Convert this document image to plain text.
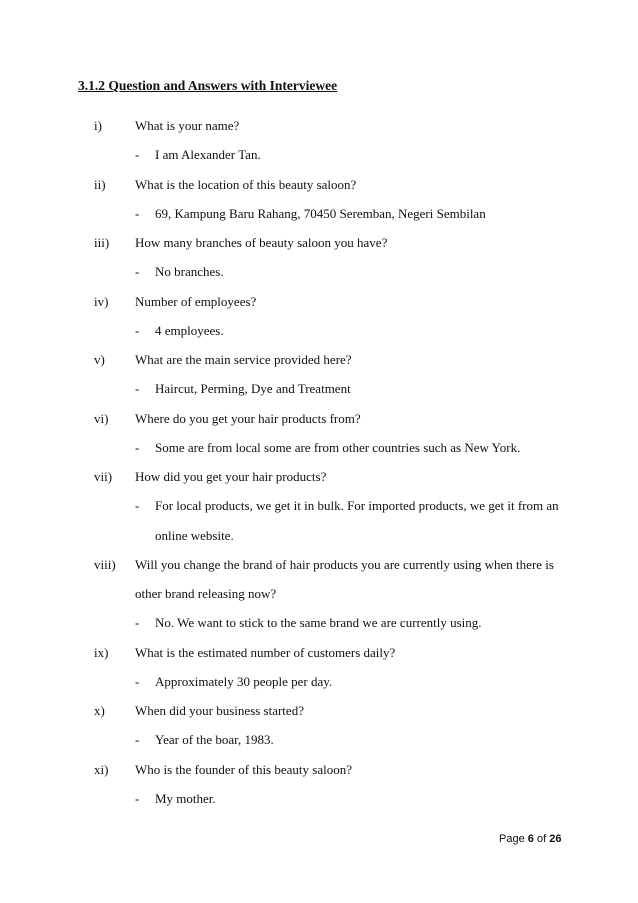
3.1.2 Question and Answers with Interviewee
i)	What is your name?
- I am Alexander Tan.
ii) What is the location of this beauty saloon?
- 69, Kampung Baru Rahang, 70450 Seremban, Negeri Sembilan
iii) How many branches of beauty saloon you have?
- No branches.
iv) Number of employees?
- 4 employees.
v) What are the main service provided here?
- Haircut, Perming, Dye and Treatment
vi) Where do you get your hair products from?
- Some are from local some are from other countries such as New York.
vii) How did you get your hair products?
- For local products, we get it in bulk. For imported products, we get it from an
online website.
viii) Will you change the brand of hair products you are currently using when there is
other brand releasing now?
- No. We want to stick to the same brand we are currently using.
ix) What is the estimated number of customers daily?
- Approximately 30 people per day.
x) When did your business started?
- Year of the boar, 1983.
xi) Who is the founder of this beauty saloon?
- My mother.
Page 6 of 26
